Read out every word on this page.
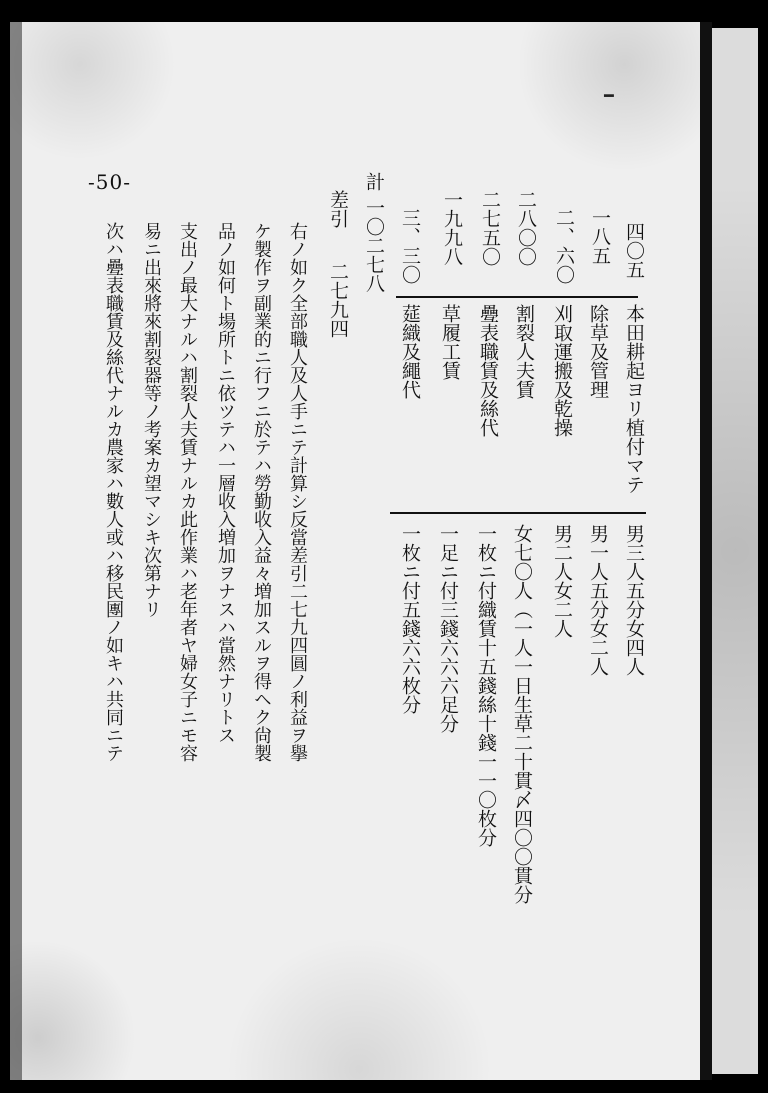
━
-50-
四〇五
一八五
二、六〇
二八〇〇
二七五〇
一九九八
三、三〇
計
一〇二七八
差引
二七九四
本田耕起ヨリ植付マテ
除草及管理
刈取運搬及乾操
割裂人夫賃
疉表職賃及絲代
草履工賃
莚織及繩代
男三人五分女四人
男一人五分女二人
男二人女二人
女七〇人（一人一日生草二十貫〆四〇〇貫分
一枚ニ付織賃十五錢絲十錢一一〇枚分
一足ニ付三錢六六六足分
一枚ニ付五錢六六枚分
右ノ如ク全部職人及人手ニテ計算シ反當差引二七九四圓ノ利益ヲ擧
ケ製作ヲ副業的ニ行フニ於テハ勞勤收入益々増加スルヲ得ヘク尙製
品ノ如何ト場所トニ依ツテハ一層收入増加ヲナスハ當然ナリトス
支出ノ最大ナルハ割裂人夫賃ナルカ此作業ハ老年者ヤ婦女子ニモ容
易ニ出來將來割裂器等ノ考案カ望マシキ次第ナリ
次ハ疉表職賃及絲代ナルカ農家ハ數人或ハ移民團ノ如キハ共同ニテ
